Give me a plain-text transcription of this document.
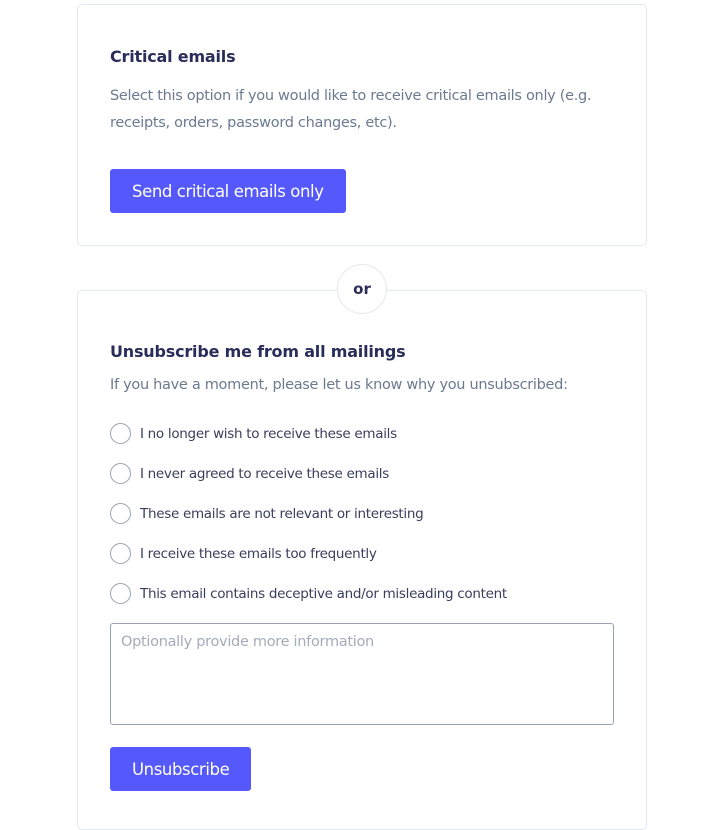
Critical emails

Select this option if you would like to receive critical emails only (e.g. receipts, orders, password changes, etc).

Send critical emails only
or
Unsubscribe me from all mailings

If you have a moment, please let us know why you unsubscribed:

I no longer wish to receive these emails
I never agreed to receive these emails
These emails are not relevant or interesting
I receive these emails too frequently
This email contains deceptive and/or misleading content
Optionally provide more information
Unsubscribe
